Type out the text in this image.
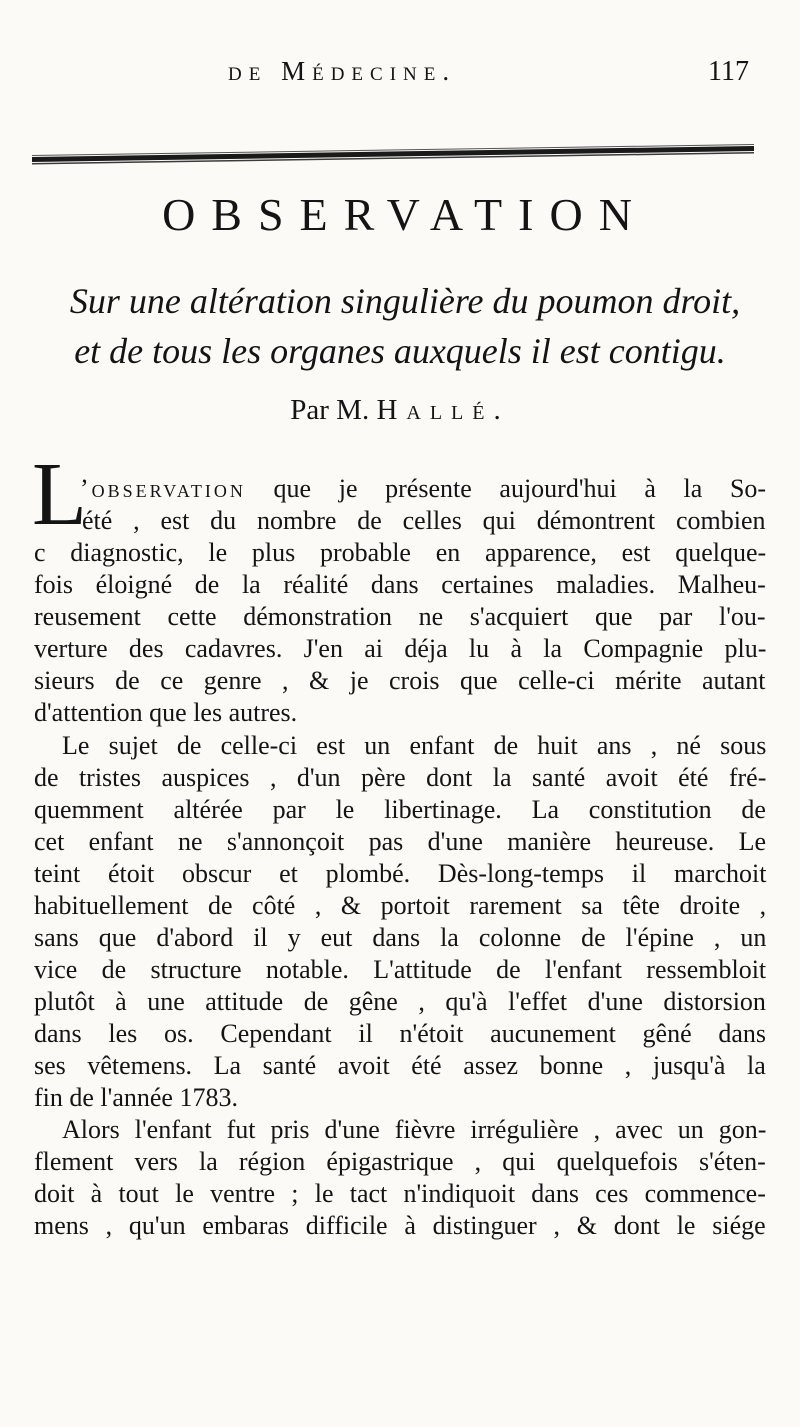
de Médecine.	117
OBSERVATION
Sur une altération singulière du poumon droit,
et de tous les organes auxquels il est contigu.
Par M. Hallé.
L
’observation que je présente aujourd'hui à la So-
été , est du nombre de celles qui démontrent combien
c diagnostic, le plus probable en apparence, est quelque-
fois éloigné de la réalité dans certaines maladies. Malheu-
reusement cette démonstration ne s'acquiert que par l'ou-
verture des cadavres. J'en ai déja lu à la Compagnie plu-
sieurs de ce genre , & je crois que celle-ci mérite autant
d'attention que les autres.
Le sujet de celle-ci est un enfant de huit ans , né sous
de tristes auspices , d'un père dont la santé avoit été fré-
quemment altérée par le libertinage. La constitution de
cet enfant ne s'annonçoit pas d'une manière heureuse. Le
teint étoit obscur et plombé. Dès-long-temps il marchoit
habituellement de côté , & portoit rarement sa tête droite ,
sans que d'abord il y eut dans la colonne de l'épine , un
vice de structure notable. L'attitude de l'enfant ressembloit
plutôt à une attitude de gêne , qu'à l'effet d'une distorsion
dans les os. Cependant il n'étoit aucunement gêné dans
ses vêtemens. La santé avoit été assez bonne , jusqu'à la
fin de l'année 1783.
Alors l'enfant fut pris d'une fièvre irrégulière , avec un gon-
flement vers la région épigastrique , qui quelquefois s'éten-
doit à tout le ventre ; le tact n'indiquoit dans ces commence-
mens , qu'un embaras difficile à distinguer , & dont le siége
